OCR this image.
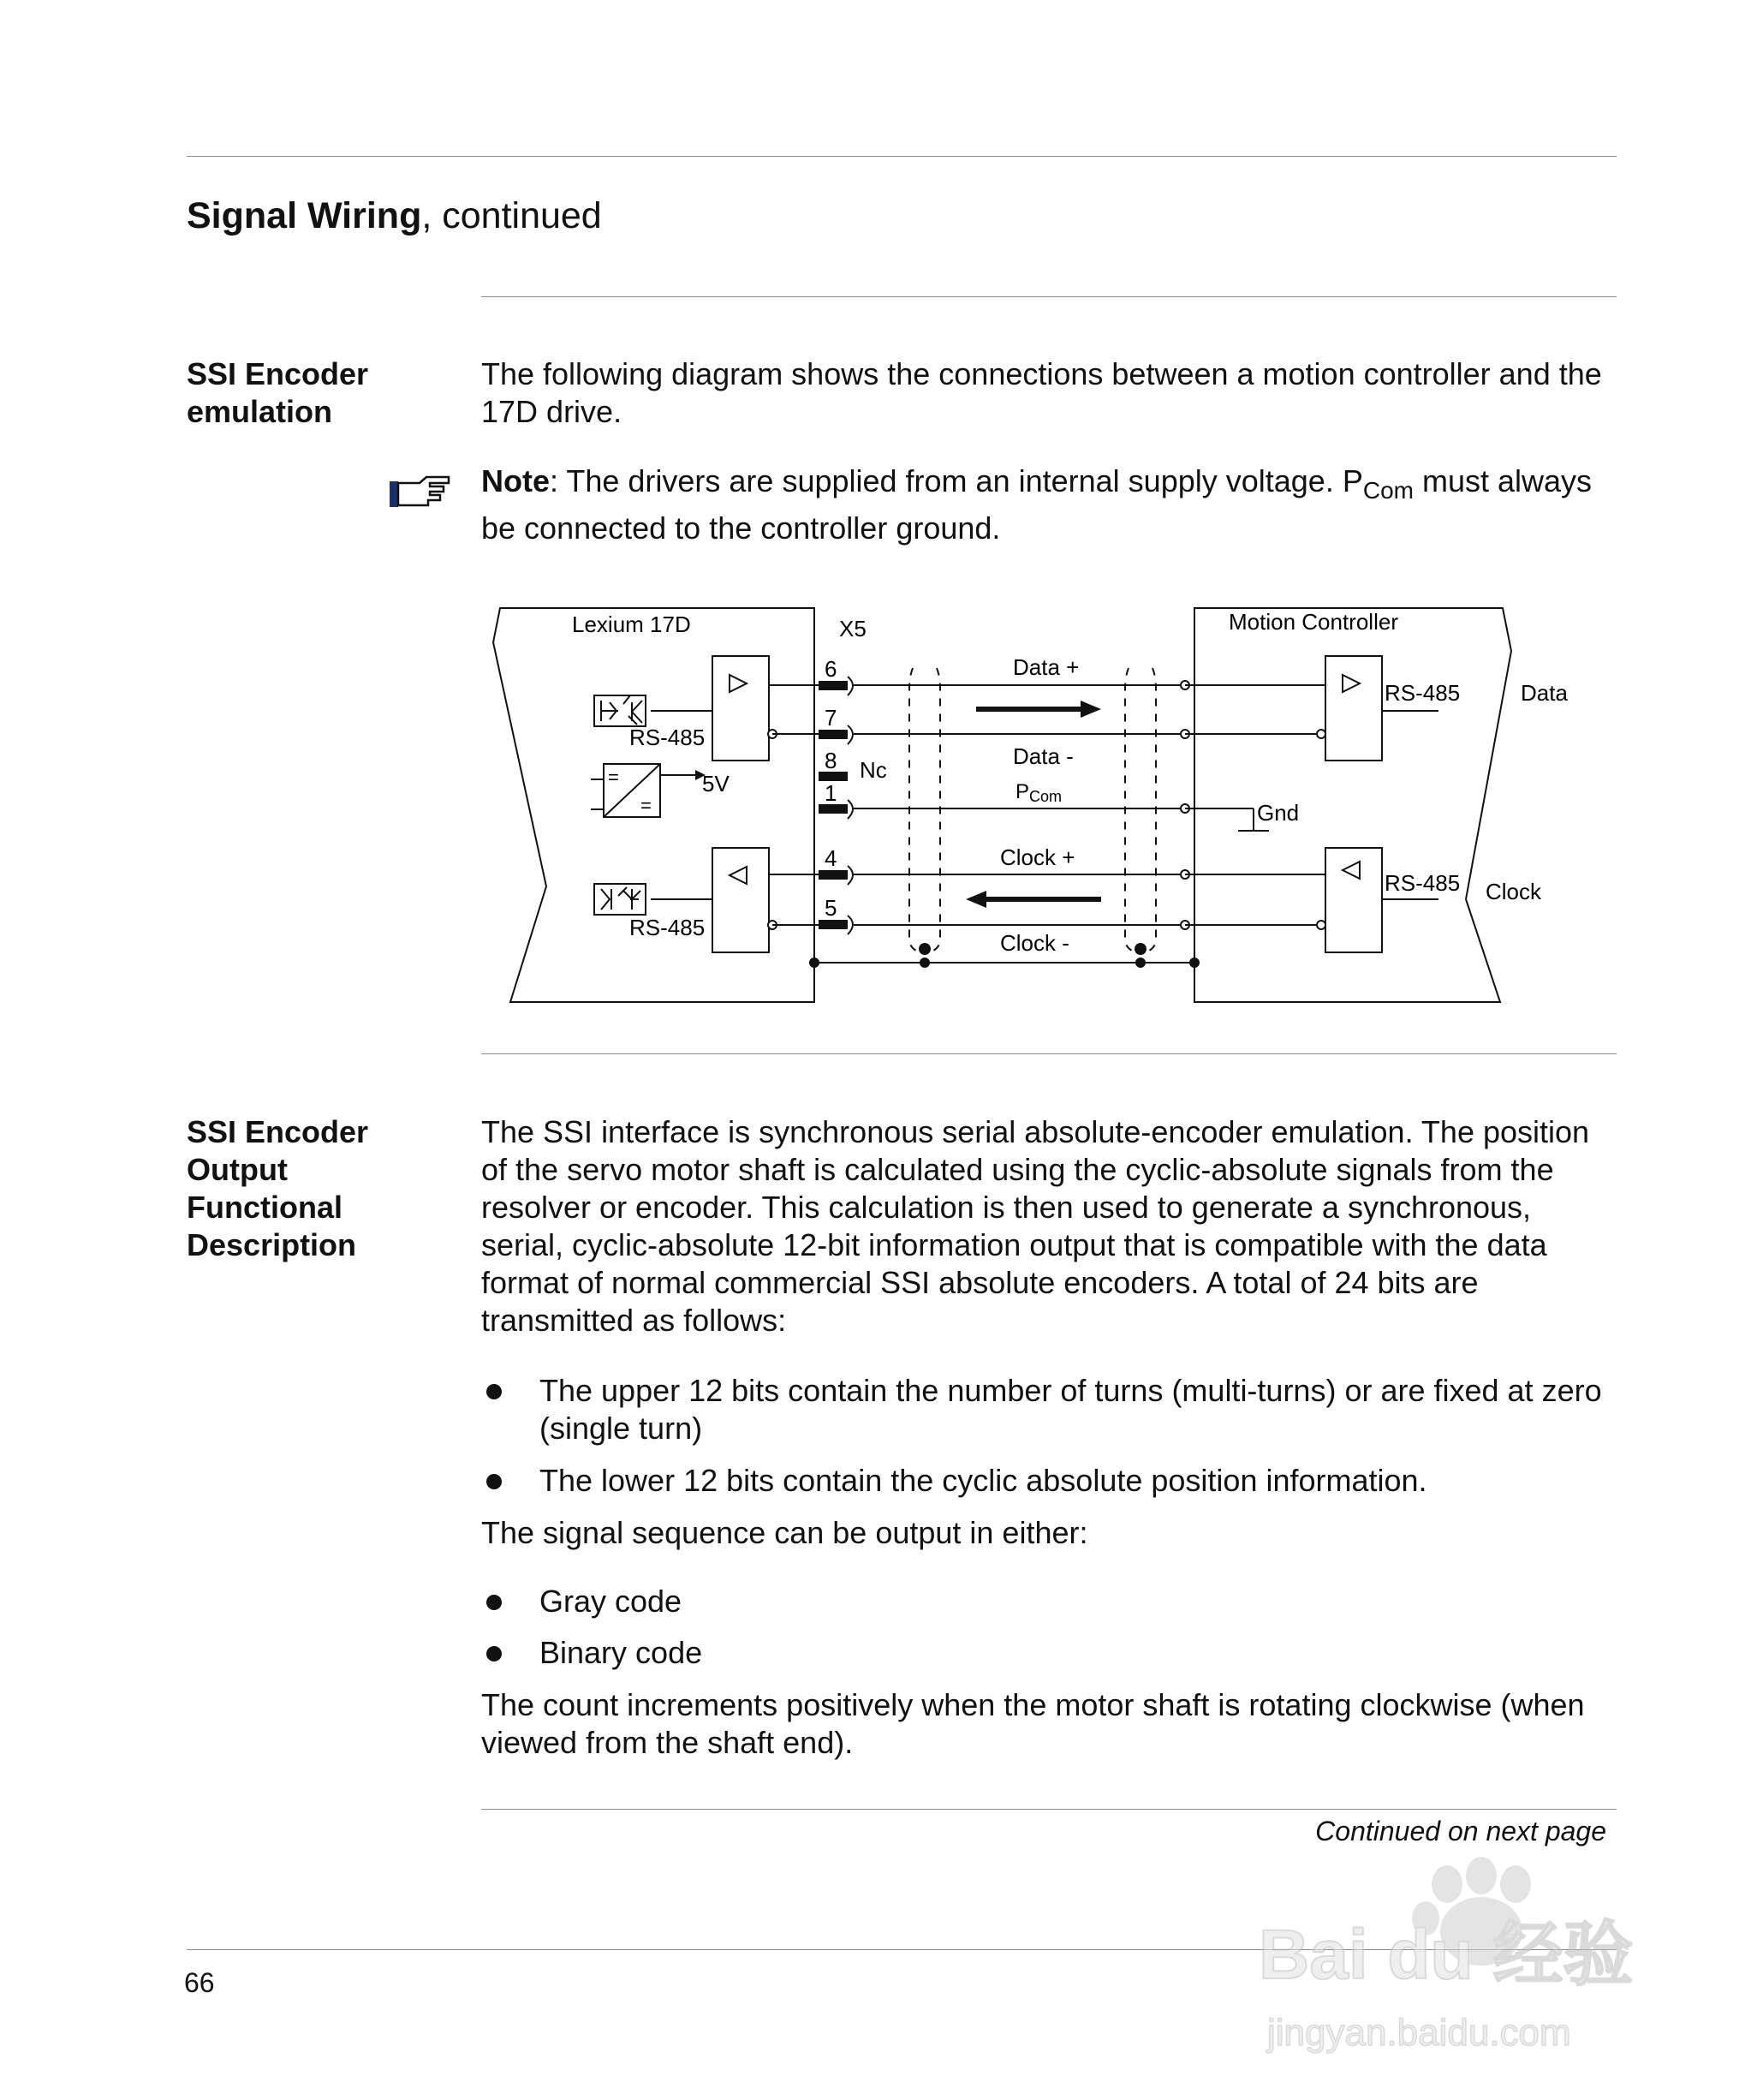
Signal Wiring, continued
SSI Encoder
emulation

The following diagram shows the connections between a motion controller and the 17D drive.

Note: The drivers are supplied from an internal supply voltage. $P_{Com}$ must always be connected to the controller ground.

Lexium 17D	X5	Motion Controller
RS-485
=
=
5V
RS-485
6
7
8
1
4
5
Nc
Data +
Data -
PCom
Clock +
Clock -
RS-485	Data
Gnd
RS-485 Clock
SSI Encoder
Output
Functional
Description

The SSI interface is synchronous serial absolute-encoder emulation. The position of the servo motor shaft is calculated using the cyclic-absolute signals from the resolver or encoder. This calculation is then used to generate a synchronous, serial, cyclic-absolute 12-bit information output that is compatible with the data format of normal commercial SSI absolute encoders. A total of 24 bits are transmitted as follows:

The upper 12 bits contain the number of turns (multi-turns) or are fixed at zero (single turn)
The lower 12 bits contain the cyclic absolute position information.

The signal sequence can be output in either:

Gray code
Binary code

The count increments positively when the motor shaft is rotating clockwise (when viewed from the shaft end).

Continued on next page
66	Bai du 经验
jingyan.baidu.com
